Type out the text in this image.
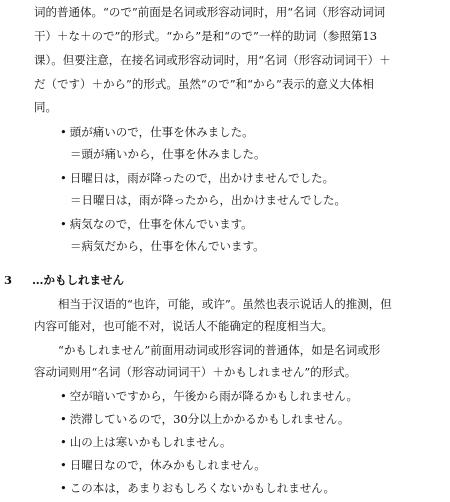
词的普通体。“ので”前面是名词或形容动词时，用“名词（形容动词词
干）＋な＋ので”的形式。“から”是和“ので”一样的助词（参照第13
课）。但要注意，在接名词或形容动词时，用“名词（形容动词词干）＋
だ（です）＋から”的形式。虽然“ので”和“から”表示的意义大体相
同。
• 頭が痛いので，仕事を休みました。
＝頭が痛いから，仕事を休みました。
• 日曜日は，雨が降ったので，出かけませんでした。
＝日曜日は，雨が降ったから，出かけませんでした。
• 病気なので，仕事を休んでいます。
＝病気だから，仕事を休んでいます。
3 …かもしれません
相当于汉语的“也许，可能，或许”。虽然也表示说话人的推测，但
内容可能对，也可能不对，说话人不能确定的程度相当大。
“かもしれません”前面用动词或形容词的普通体，如是名词或形
容动词则用“名词（形容动词词干）＋かもしれません”的形式。
• 空が暗いですから，午後から雨が降るかもしれません。
• 渋滞しているので，30分以上かかるかもしれません。
• 山の上は寒いかもしれません。
• 日曜日なので，休みかもしれません。
• この本は，あまりおもしろくないかもしれません。
